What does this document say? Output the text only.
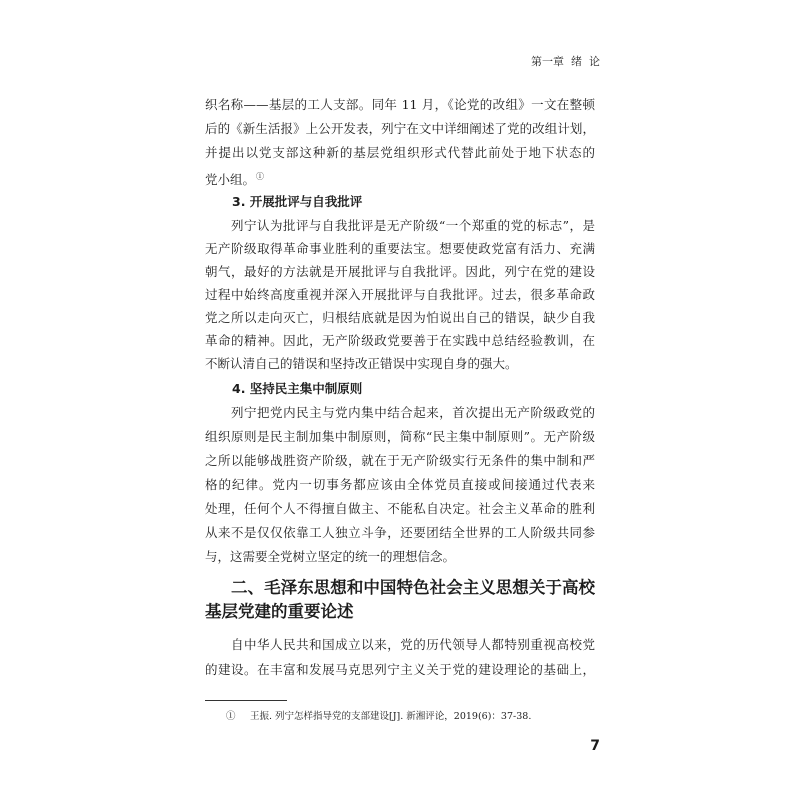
第一章  绪  论
织名称——基层的工人支部。同年 11 月，《论党的改组》一文在整顿
后的《新生活报》上公开发表，列宁在文中详细阐述了党的改组计划，
并提出以党支部这种新的基层党组织形式代替此前处于地下状态的
党小组。①
3. 开展批评与自我批评
列宁认为批评与自我批评是无产阶级“一个郑重的党的标志”，是
无产阶级取得革命事业胜利的重要法宝。想要使政党富有活力、充满
朝气，最好的方法就是开展批评与自我批评。因此，列宁在党的建设
过程中始终高度重视并深入开展批评与自我批评。过去，很多革命政
党之所以走向灭亡，归根结底就是因为怕说出自己的错误，缺少自我
革命的精神。因此，无产阶级政党要善于在实践中总结经验教训，在
不断认清自己的错误和坚持改正错误中实现自身的强大。
4. 坚持民主集中制原则
列宁把党内民主与党内集中结合起来，首次提出无产阶级政党的
组织原则是民主制加集中制原则，简称“民主集中制原则”。无产阶级
之所以能够战胜资产阶级，就在于无产阶级实行无条件的集中制和严
格的纪律。党内一切事务都应该由全体党员直接或间接通过代表来
处理，任何个人不得擅自做主、不能私自决定。社会主义革命的胜利
从来不是仅仅依靠工人独立斗争，还要团结全世界的工人阶级共同参
与，这需要全党树立坚定的统一的理想信念。
二、毛泽东思想和中国特色社会主义思想关于高校
基层党建的重要论述
自中华人民共和国成立以来，党的历代领导人都特别重视高校党
的建设。在丰富和发展马克思列宁主义关于党的建设理论的基础上，
① 王振. 列宁怎样指导党的支部建设[J]. 新湘评论，2019(6)：37-38.
7
